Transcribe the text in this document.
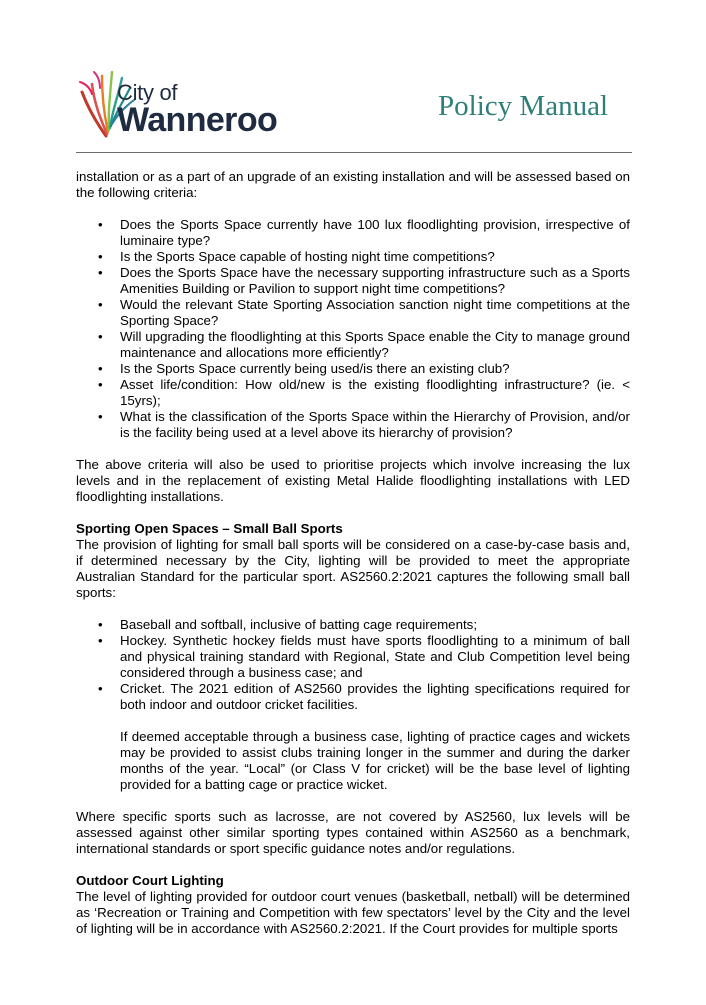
City of
Wanneroo	Policy Manual

installation or as a part of an upgrade of an existing installation and will be assessed based on the following criteria:

• Does the Sports Space currently have 100 lux floodlighting provision, irrespective of luminaire type?
• Is the Sports Space capable of hosting night time competitions?
• Does the Sports Space have the necessary supporting infrastructure such as a Sports Amenities Building or Pavilion to support night time competitions?
• Would the relevant State Sporting Association sanction night time competitions at the Sporting Space?
• Will upgrading the floodlighting at this Sports Space enable the City to manage ground maintenance and allocations more efficiently?
• Is the Sports Space currently being used/is there an existing club?
• Asset life/condition: How old/new is the existing floodlighting infrastructure? (ie. < 15yrs);
• What is the classification of the Sports Space within the Hierarchy of Provision, and/or is the facility being used at a level above its hierarchy of provision?

The above criteria will also be used to prioritise projects which involve increasing the lux levels and in the replacement of existing Metal Halide floodlighting installations with LED floodlighting installations.

Sporting Open Spaces – Small Ball Sports

The provision of lighting for small ball sports will be considered on a case-by-case basis and, if determined necessary by the City, lighting will be provided to meet the appropriate Australian Standard for the particular sport. AS2560.2:2021 captures the following small ball sports:

• Baseball and softball, inclusive of batting cage requirements;
• Hockey. Synthetic hockey fields must have sports floodlighting to a minimum of ball and physical training standard with Regional, State and Club Competition level being considered through a business case; and
• Cricket. The 2021 edition of AS2560 provides the lighting specifications required for both indoor and outdoor cricket facilities.

If deemed acceptable through a business case, lighting of practice cages and wickets may be provided to assist clubs training longer in the summer and during the darker months of the year. “Local” (or Class V for cricket) will be the base level of lighting provided for a batting cage or practice wicket.

Where specific sports such as lacrosse, are not covered by AS2560, lux levels will be assessed against other similar sporting types contained within AS2560 as a benchmark, international standards or sport specific guidance notes and/or regulations.

Outdoor Court Lighting

The level of lighting provided for outdoor court venues (basketball, netball) will be determined as ‘Recreation or Training and Competition with few spectators’ level by the City and the level of lighting will be in accordance with AS2560.2:2021. If the Court provides for multiple sports
